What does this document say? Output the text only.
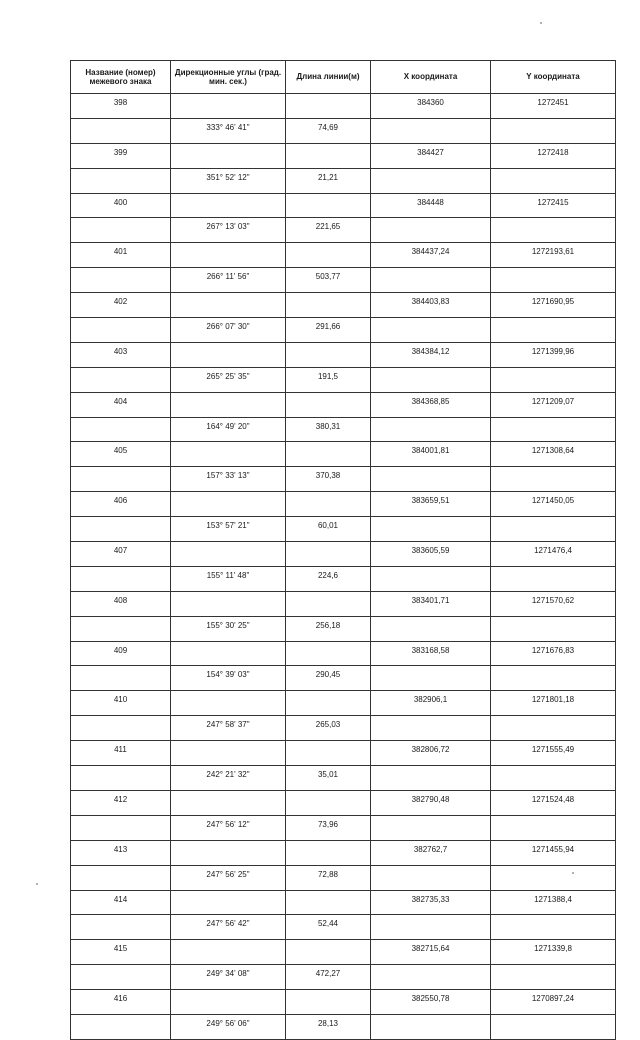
Название (номер) межевого знака	Дирекционные углы (град. мин. сек.)	Длина линии(м)	X координата	Y координата
398			384360	1272451
	333° 46' 41"	74,69		
399			384427	1272418
	351° 52' 12"	21,21		
400			384448	1272415
	267° 13' 03"	221,65		
401			384437,24	1272193,61
	266° 11' 56"	503,77		
402			384403,83	1271690,95
	266° 07' 30"	291,66		
403			384384,12	1271399,96
	265° 25' 35"	191,5		
404			384368,85	1271209,07
	164° 49' 20"	380,31		
405			384001,81	1271308,64
	157° 33' 13"	370,38		
406			383659,51	1271450,05
	153° 57' 21"	60,01		
407			383605,59	1271476,4
	155° 11' 48"	224,6		
408			383401,71	1271570,62
	155° 30' 25"	256,18		
409			383168,58	1271676,83
	154° 39' 03"	290,45		
410			382906,1	1271801,18
	247° 58' 37"	265,03		
411			382806,72	1271555,49
	242° 21' 32"	35,01		
412			382790,48	1271524,48
	247° 56' 12"	73,96		
413			382762,7	1271455,94
	247° 56' 25"	72,88		
414			382735,33	1271388,4
	247° 56' 42"	52,44		
415			382715,64	1271339,8
	249° 34' 08"	472,27		
416			382550,78	1270897,24
	249° 56' 06"	28,13		
